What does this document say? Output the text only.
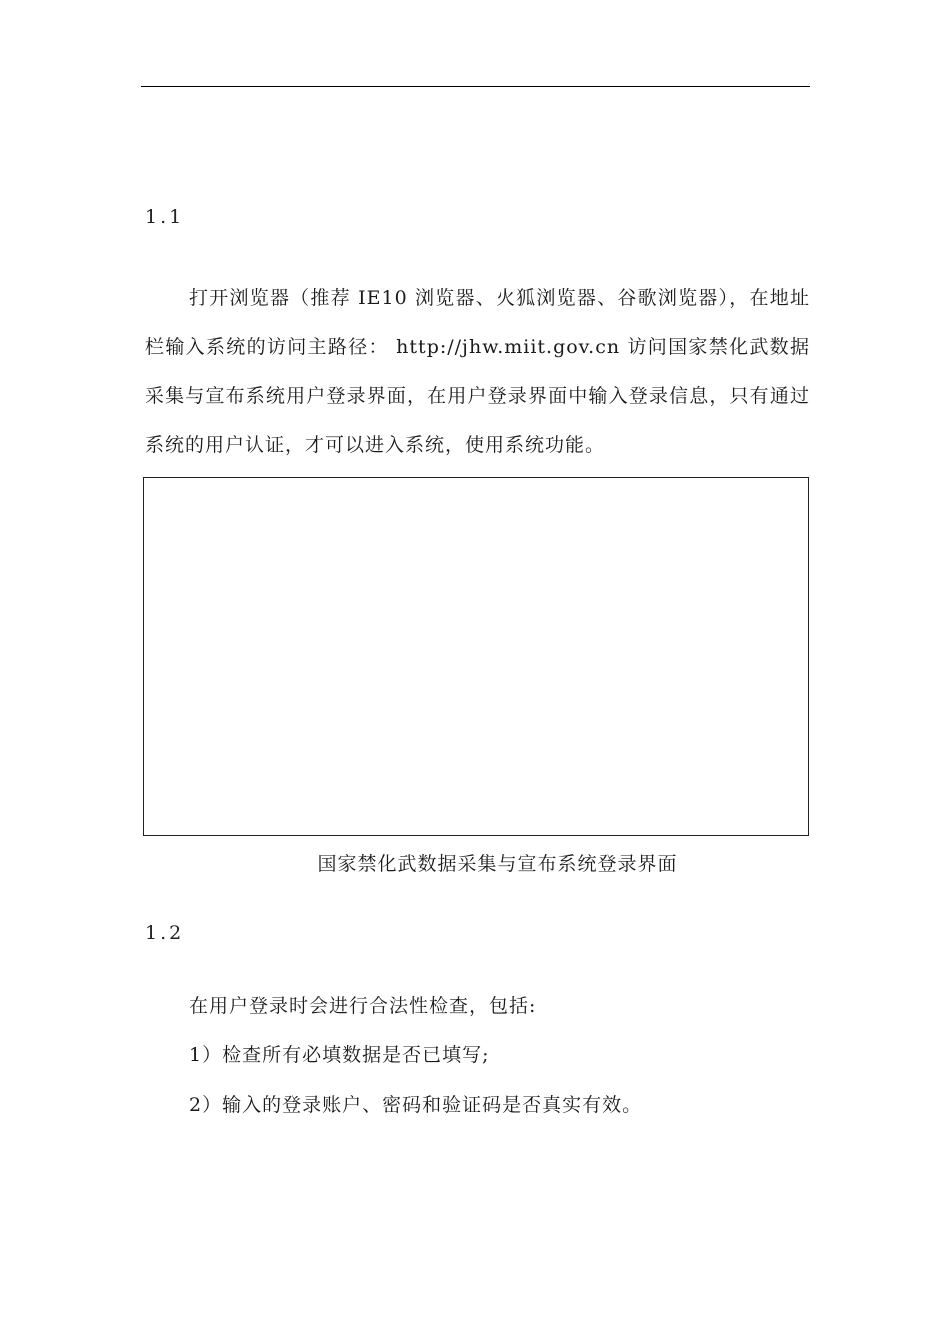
1.1
打开浏览器（推荐 IE10 浏览器、火狐浏览器、谷歌浏览器），在地址栏输入系统的访问主路径： http://jhw.miit.gov.cn 访问国家禁化武数据采集与宣布系统用户登录界面，在用户登录界面中输入登录信息，只有通过系统的用户认证，才可以进入系统，使用系统功能。
国家禁化武数据采集与宣布系统登录界面
1.2
在用户登录时会进行合法性检查，包括:
1）检查所有必填数据是否已填写;
2）输入的登录账户、密码和验证码是否真实有效。
